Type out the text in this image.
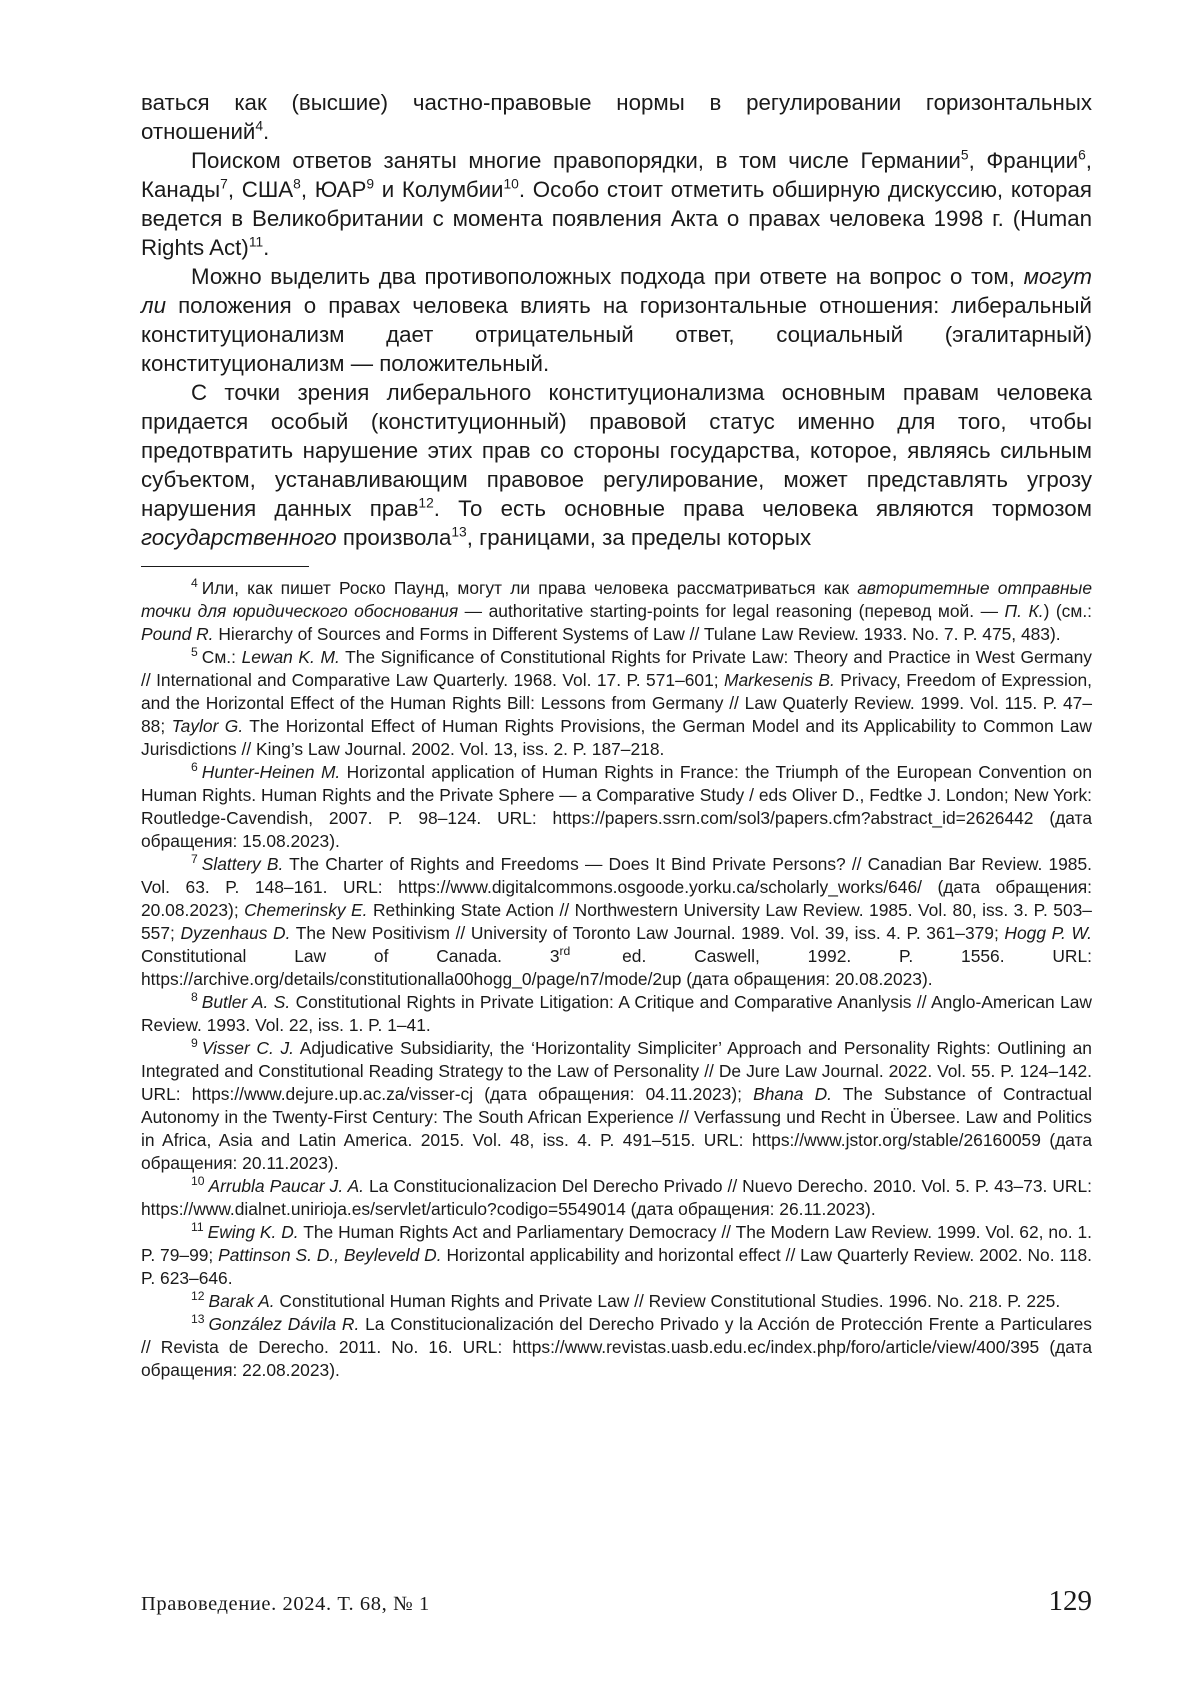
ваться как (высшие) частно-правовые нормы в регулировании горизонтальных отношений$^4$.

Поиском ответов заняты многие правопорядки, в том числе Германии$^5$, Франции$^6$, Канады$^7$, США$^8$, ЮАР$^9$ и Колумбии$^{10}$. Особо стоит отметить обширную дискуссию, которая ведется в Великобритании с момента появления Акта о правах человека 1998 г. (Human Rights Act)$^{11}$.

Можно выделить два противоположных подхода при ответе на вопрос о том, могут ли положения о правах человека влиять на горизонтальные отношения: либеральный конституционализм дает отрицательный ответ, социальный (эгалитарный) конституционализм — положительный.

С точки зрения либерального конституционализма основным правам человека придается особый (конституционный) правовой статус именно для того, чтобы предотвратить нарушение этих прав со стороны государства, которое, являясь сильным субъектом, устанавливающим правовое регулирование, может представлять угрозу нарушения данных прав$^{12}$. То есть основные права человека являются тормозом государственного произвола$^{13}$, границами, за пределы которых

$^4$ Или, как пишет Роско Паунд, могут ли права человека рассматриваться как авторитетные отправные точки для юридического обоснования — authoritative starting-points for legal reasoning (перевод мой. — П. К.) (см.: Pound R. Hierarchy of Sources and Forms in Different Systems of Law // Tulane Law Review. 1933. No. 7. P. 475, 483).

$^5$ См.: Lewan K. M. The Significance of Constitutional Rights for Private Law: Theory and Practice in West Germany // International and Comparative Law Quarterly. 1968. Vol. 17. P. 571–601; Markesenis B. Privacy, Freedom of Expression, and the Horizontal Effect of the Human Rights Bill: Lessons from Germany // Law Quaterly Review. 1999. Vol. 115. P. 47–88; Taylor G. The Horizontal Effect of Human Rights Provisions, the German Model and its Applicability to Common Law Jurisdictions // King’s Law Journal. 2002. Vol. 13, iss. 2. P. 187–218.

$^6$ Hunter-Heinen M. Horizontal application of Human Rights in France: the Triumph of the European Convention on Human Rights. Human Rights and the Private Sphere — a Comparative Study / eds Oliver D., Fedtke J. London; New York: Routledge-Cavendish, 2007. P. 98–124. URL: https://papers.ssrn.com/sol3/papers.cfm?abstract_id=2626442 (дата обращения: 15.08.2023).

$^7$ Slattery B. The Charter of Rights and Freedoms — Does It Bind Private Persons? // Canadian Bar Review. 1985. Vol. 63. P. 148–161. URL: https://www.digitalcommons.osgoode.yorku.ca/scholarly_works/646/ (дата обращения: 20.08.2023); Chemerinsky E. Rethinking State Action // Northwestern University Law Review. 1985. Vol. 80, iss. 3. P. 503–557; Dyzenhaus D. The New Positivism // University of Toronto Law Journal. 1989. Vol. 39, iss. 4. P. 361–379; Hogg P. W. Constitutional Law of Canada. 3rd ed. Caswell, 1992. P. 1556. URL: https://archive.org/details/constitutionalla00hogg_0/page/n7/mode/2up (дата обращения: 20.08.2023).

$^8$ Butler A. S. Constitutional Rights in Private Litigation: A Critique and Comparative Ananlysis // Anglo-American Law Review. 1993. Vol. 22, iss. 1. P. 1–41.

$^9$ Visser C. J. Adjudicative Subsidiarity, the ‘Horizontality Simpliciter’ Approach and Personality Rights: Outlining an Integrated and Constitutional Reading Strategy to the Law of Personality // De Jure Law Journal. 2022. Vol. 55. P. 124–142. URL: https://www.dejure.up.ac.za/visser-cj (дата обращения: 04.11.2023); Bhana D. The Substance of Contractual Autonomy in the Twenty-First Century: The South African Experience // Verfassung und Recht in Übersee. Law and Politics in Africa, Asia and Latin America. 2015. Vol. 48, iss. 4. P. 491–515. URL: https://www.jstor.org/stable/26160059 (дата обращения: 20.11.2023).

$^{10}$ Arrubla Paucar J. A. La Constitucionalizacion Del Derecho Privado // Nuevo Derecho. 2010. Vol. 5. P. 43–73. URL: https://www.dialnet.unirioja.es/servlet/articulo?codigo=5549014 (дата обращения: 26.11.2023).

$^{11}$ Ewing K. D. The Human Rights Act and Parliamentary Democracy // The Modern Law Review. 1999. Vol. 62, no. 1. P. 79–99; Pattinson S. D., Beyleveld D. Horizontal applicability and horizontal effect // Law Quarterly Review. 2002. No. 118. P. 623–646.

$^{12}$ Barak A. Constitutional Human Rights and Private Law // Review Constitutional Studies. 1996. No. 218. P. 225.

$^{13}$ González Dávila R. La Constitucionalización del Derecho Privado y la Acción de Protección Frente a Particulares // Revista de Derecho. 2011. No. 16. URL: https://www.revistas.uasb.edu.ec/index.php/foro/article/view/400/395 (дата обращения: 22.08.2023).

Правоведение. 2024. Т. 68, № 1	129
